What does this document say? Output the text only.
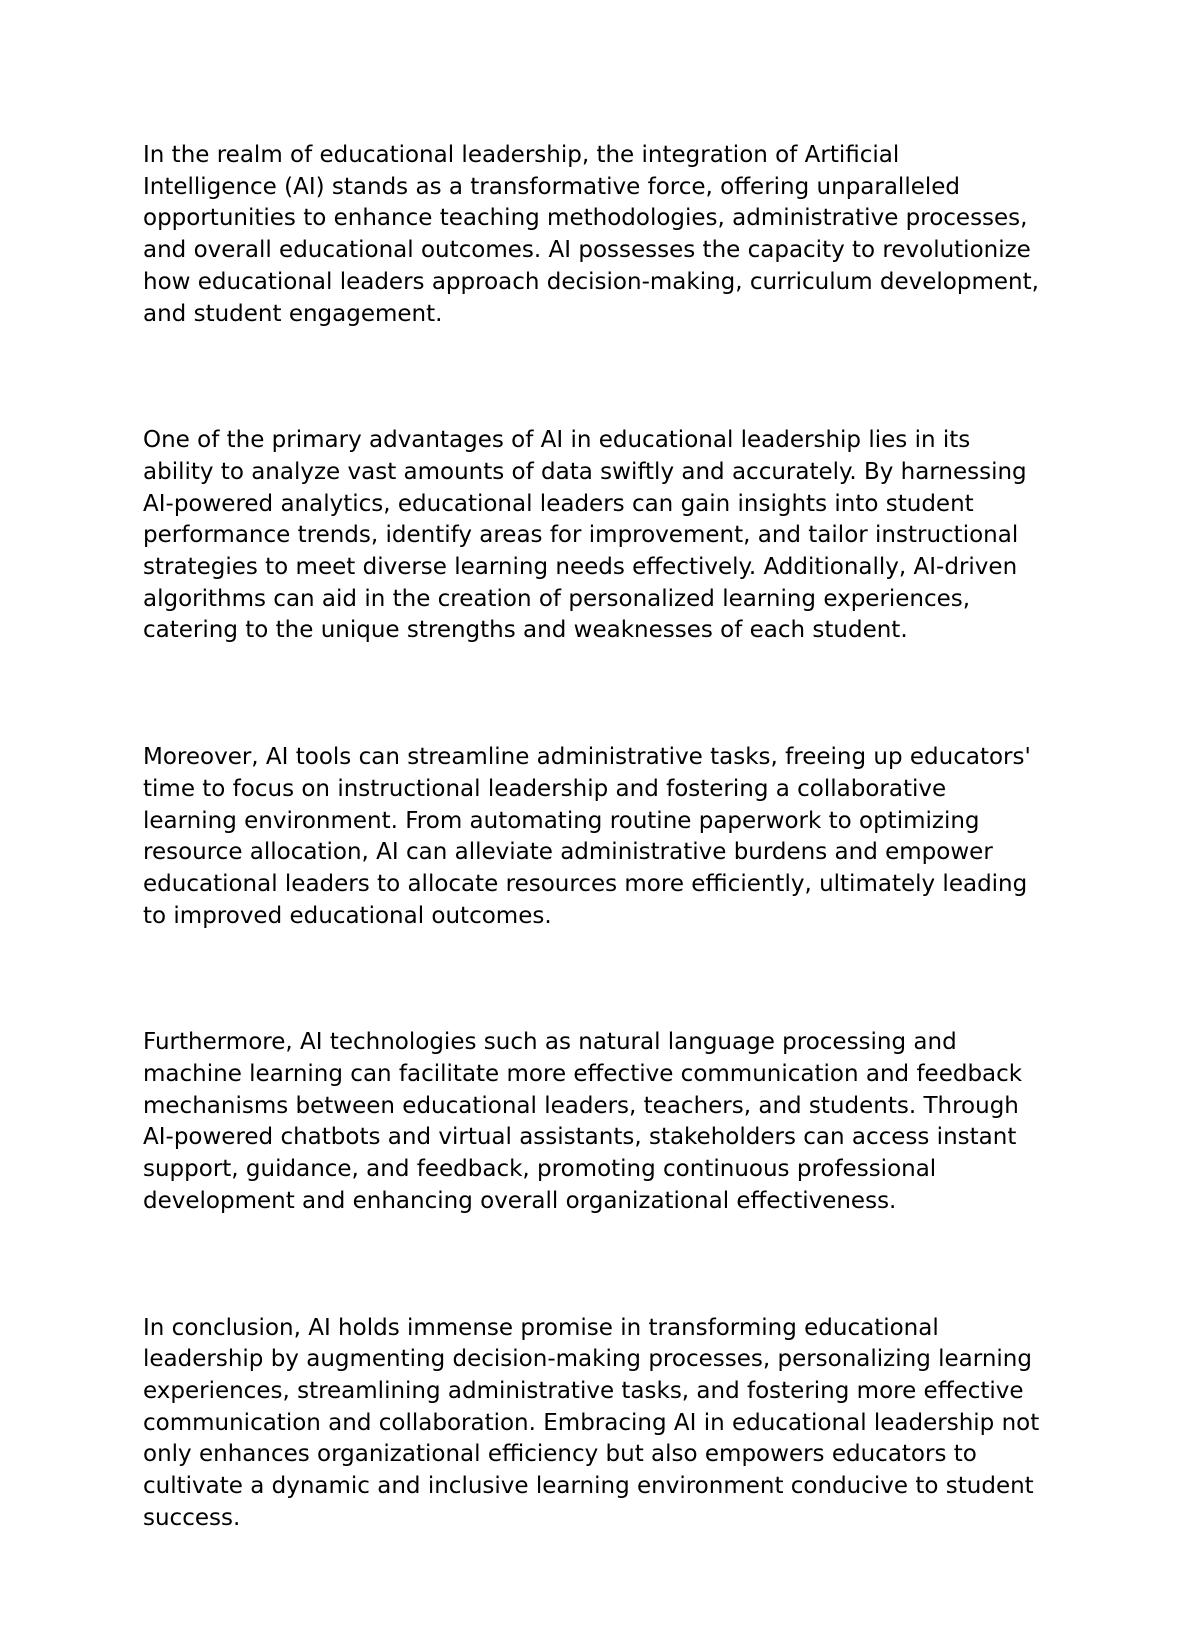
In the realm of educational leadership, the integration of Artificial
Intelligence (AI) stands as a transformative force, offering unparalleled
opportunities to enhance teaching methodologies, administrative processes,
and overall educational outcomes. AI possesses the capacity to revolutionize
how educational leaders approach decision-making, curriculum development,
and student engagement.

One of the primary advantages of AI in educational leadership lies in its
ability to analyze vast amounts of data swiftly and accurately. By harnessing
AI-powered analytics, educational leaders can gain insights into student
performance trends, identify areas for improvement, and tailor instructional
strategies to meet diverse learning needs effectively. Additionally, AI-driven
algorithms can aid in the creation of personalized learning experiences,
catering to the unique strengths and weaknesses of each student.

Moreover, AI tools can streamline administrative tasks, freeing up educators'
time to focus on instructional leadership and fostering a collaborative
learning environment. From automating routine paperwork to optimizing
resource allocation, AI can alleviate administrative burdens and empower
educational leaders to allocate resources more efficiently, ultimately leading
to improved educational outcomes.

Furthermore, AI technologies such as natural language processing and
machine learning can facilitate more effective communication and feedback
mechanisms between educational leaders, teachers, and students. Through
AI-powered chatbots and virtual assistants, stakeholders can access instant
support, guidance, and feedback, promoting continuous professional
development and enhancing overall organizational effectiveness.

In conclusion, AI holds immense promise in transforming educational
leadership by augmenting decision-making processes, personalizing learning
experiences, streamlining administrative tasks, and fostering more effective
communication and collaboration. Embracing AI in educational leadership not
only enhances organizational efficiency but also empowers educators to
cultivate a dynamic and inclusive learning environment conducive to student
success.
